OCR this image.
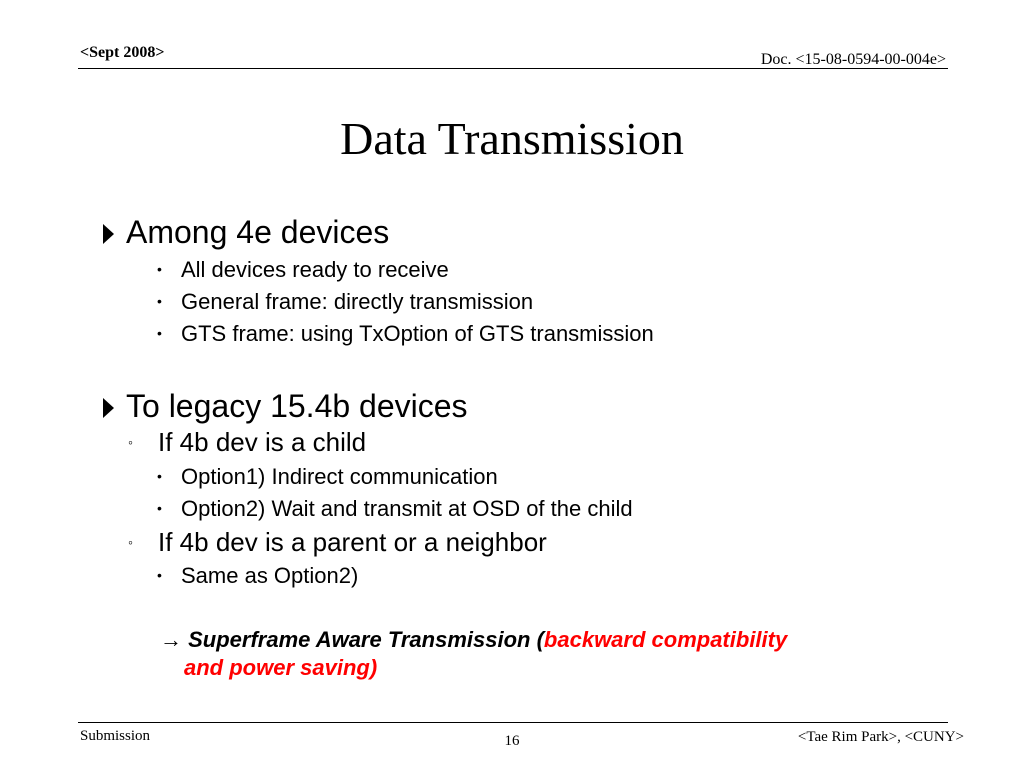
<Sept 2008>	Doc. <15-08-0594-00-004e>
Data Transmission
Among 4e devices
• All devices ready to receive
• General frame: directly transmission
• GTS frame: using TxOption of GTS transmission
To legacy 15.4b devices
◦ If 4b dev is a child
• Option1) Indirect communication
• Option2) Wait and transmit at OSD of the child
◦ If 4b dev is a parent or a neighbor
• Same as Option2)
→ Superframe Aware Transmission (backward compatibility
and power saving)
Submission	16	<Tae Rim Park>, <CUNY>
